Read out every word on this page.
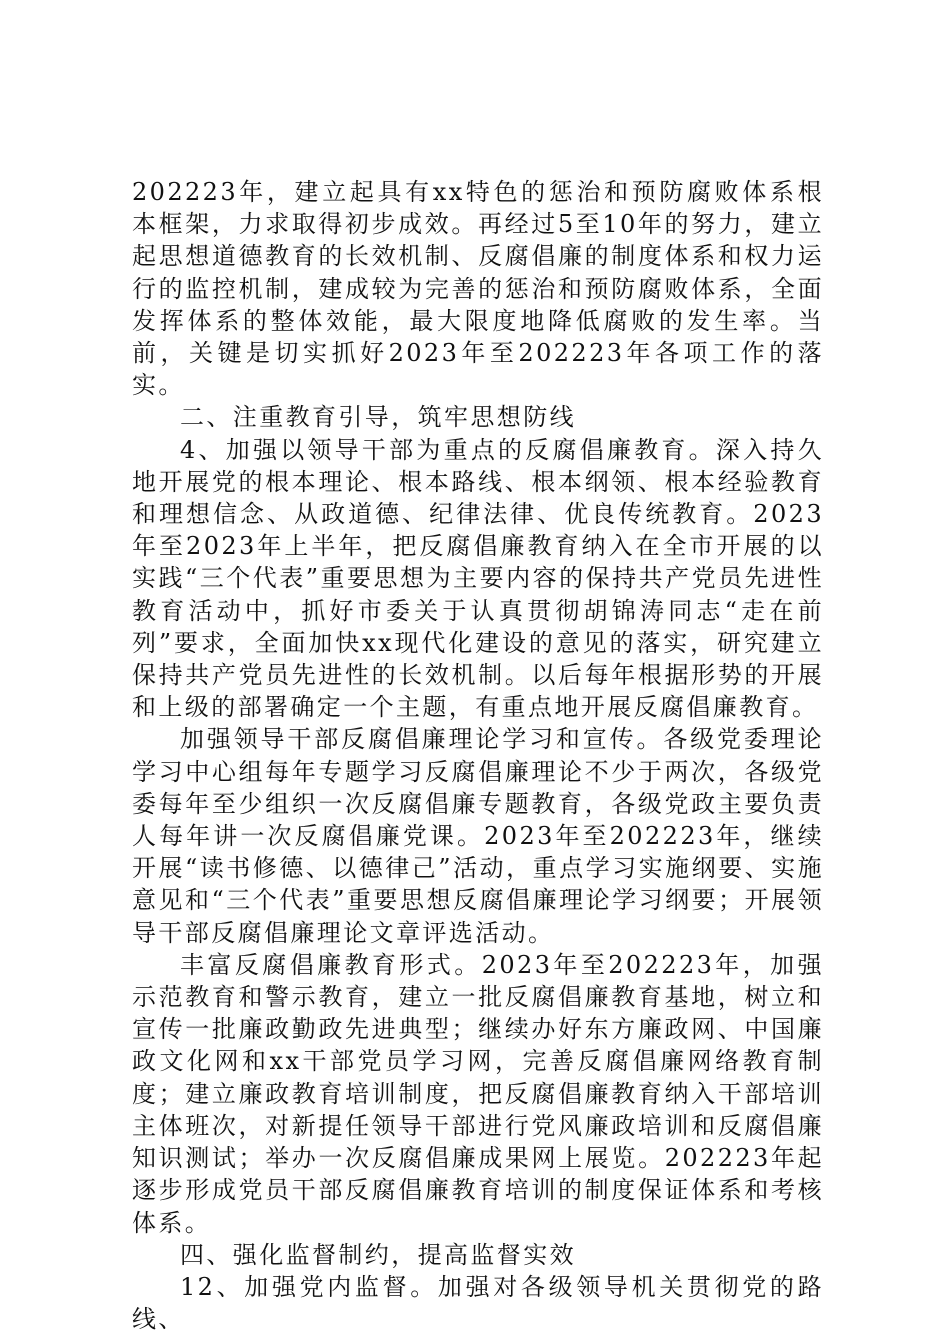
202223年，建立起具有xx特色的惩治和预防腐败体系根本框架，力求取得初步成效。再经过5至10年的努力，建立起思想道德教育的长效机制、反腐倡廉的制度体系和权力运行的监控机制，建成较为完善的惩治和预防腐败体系，全面发挥体系的整体效能，最大限度地降低腐败的发生率。当前，关键是切实抓好2023年至202223年各项工作的落实。

二、注重教育引导，筑牢思想防线

4、加强以领导干部为重点的反腐倡廉教育。深入持久地开展党的根本理论、根本路线、根本纲领、根本经验教育和理想信念、从政道德、纪律法律、优良传统教育。2023年至2023年上半年，把反腐倡廉教育纳入在全市开展的以实践“三个代表”重要思想为主要内容的保持共产党员先进性教育活动中，抓好市委关于认真贯彻胡锦涛同志“走在前列”要求，全面加快xx现代化建设的意见的落实，研究建立保持共产党员先进性的长效机制。以后每年根据形势的开展和上级的部署确定一个主题，有重点地开展反腐倡廉教育。

加强领导干部反腐倡廉理论学习和宣传。各级党委理论学习中心组每年专题学习反腐倡廉理论不少于两次，各级党委每年至少组织一次反腐倡廉专题教育，各级党政主要负责人每年讲一次反腐倡廉党课。2023年至202223年，继续开展“读书修德、以德律己”活动，重点学习实施纲要、实施意见和“三个代表”重要思想反腐倡廉理论学习纲要；开展领导干部反腐倡廉理论文章评选活动。

丰富反腐倡廉教育形式。2023年至202223年，加强示范教育和警示教育，建立一批反腐倡廉教育基地，树立和宣传一批廉政勤政先进典型；继续办好东方廉政网、中国廉政文化网和xx干部党员学习网，完善反腐倡廉网络教育制度；建立廉政教育培训制度，把反腐倡廉教育纳入干部培训主体班次，对新提任领导干部进行党风廉政培训和反腐倡廉知识测试；举办一次反腐倡廉成果网上展览。202223年起逐步形成党员干部反腐倡廉教育培训的制度保证体系和考核体系。

四、强化监督制约，提高监督实效

12、加强党内监督。加强对各级领导机关贯彻党的路线、
